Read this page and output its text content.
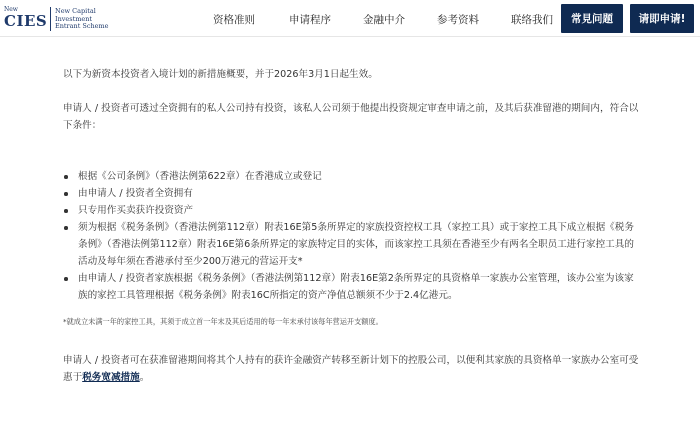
New
CIES
New Capital
Investment
Entrant Scheme	资格准则	申请程序	金融中介	参考资料	联络我们	常見问题	请即申请!

以下为新资本投资者入境计划的新措施概要，并于2026年3月1日起生效。

申请人 / 投资者可透过全资拥有的私人公司持有投资，该私人公司须于他提出投资规定审查申请之前，及其后获准留港的期间内，符合以下条件：

根据《公司条例》（香港法例第622章）在香港成立或登记
由申请人 / 投资者全资拥有
只专用作买卖获许投资资产
须为根据《税务条例》（香港法例第112章）附表16E第5条所界定的家族投资控权工具（家控工具）或于家控工具下成立根据《税务条例》（香港法例第112章）附表16E第6条所界定的家族特定目的实体，而该家控工具须在香港至少有两名全职员工进行家控工具的活动及每年须在香港承付至少200万港元的营运开支*
由申请人 / 投资者家族根据《税务条例》（香港法例第112章）附表16E第2条所界定的具资格单一家族办公室管理，该办公室为该家族的家控工具管理根据《税务条例》附表16C所指定的资产净值总额须不少于2.4亿港元。

*就成立未满一年的家控工具，其须于成立首一年末及其后适用的每一年末承付该每年营运开支额度。

申请人 / 投资者可在获准留港期间将其个人持有的获许金融资产转移至新计划下的控股公司，以便利其家族的具资格单一家族办公室可受惠于税务宽减措施。
